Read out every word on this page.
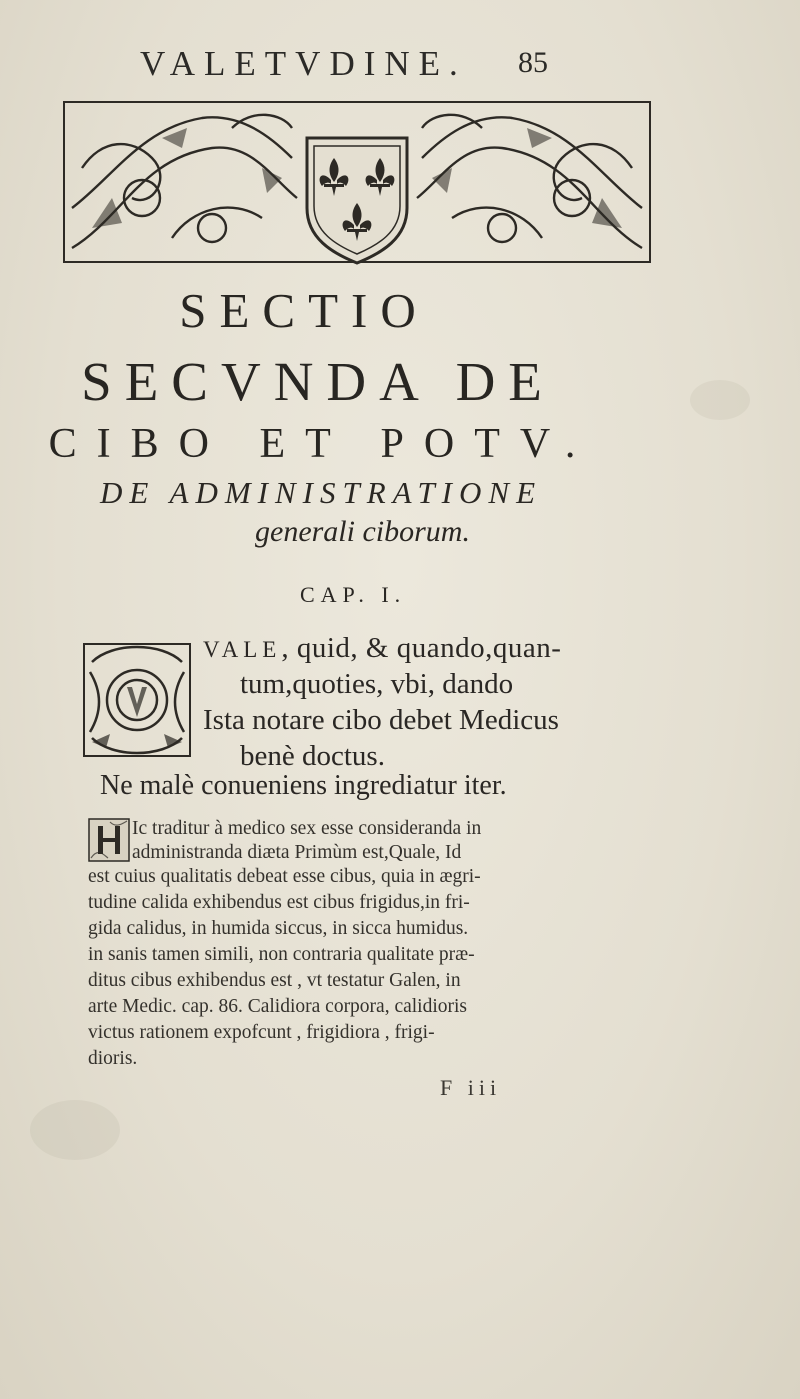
VALETVDINE. 85
SECTIO
SECVNDA DE
CIBO ET POTV.
DE ADMINISTRATIONE
generali ciborum.
CAP. I.
VALE, quid, & quando,quan-
tum,quoties, vbi, dando
Ista notare cibo debet Medicus
benè doctus.
Ne malè conueniens ingrediatur iter.
Ic traditur à medico sex esse consideranda in
administranda diæta Primùm est,Quale, Id
est cuius qualitatis debeat esse cibus, quia in ægri-
tudine calida exhibendus est cibus frigidus,in fri-
gida calidus, in humida siccus, in sicca humidus.
in sanis tamen simili, non contraria qualitate præ-
ditus cibus exhibendus est , vt testatur Galen, in
arte Medic. cap. 86. Calidiora corpora, calidioris
victus rationem expofcunt , frigidiora , frigi-
dioris.
F iii
